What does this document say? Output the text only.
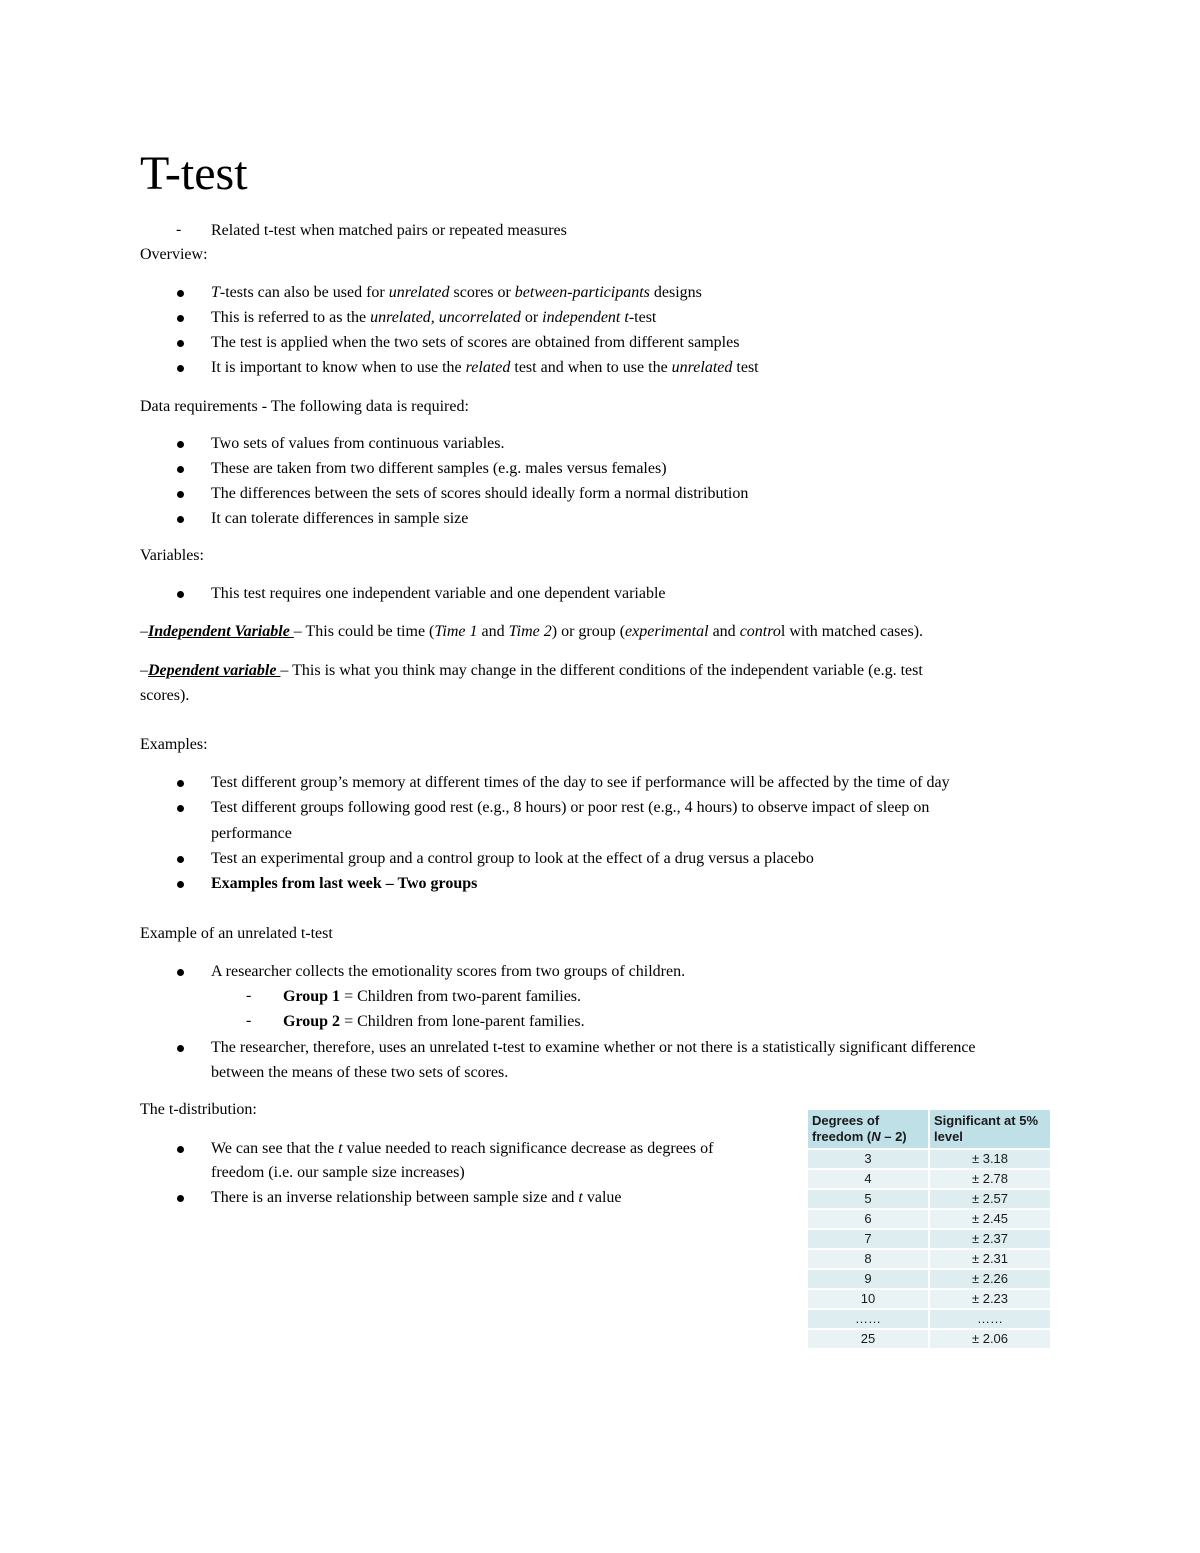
T-test
- Related t-test when matched pairs or repeated measures
Overview:
T-tests can also be used for unrelated scores or between-participants designs
This is referred to as the unrelated, uncorrelated or independent t-test
The test is applied when the two sets of scores are obtained from different samples
It is important to know when to use the related test and when to use the unrelated test
Data requirements - The following data is required:
Two sets of values from continuous variables.
These are taken from two different samples (e.g. males versus females)
The differences between the sets of scores should ideally form a normal distribution
It can tolerate differences in sample size
Variables:
This test requires one independent variable and one dependent variable
–Independent Variable – This could be time (Time 1 and Time 2) or group (experimental and control with matched cases).
–Dependent variable – This is what you think may change in the different conditions of the independent variable (e.g. test
scores).
Examples:
Test different group’s memory at different times of the day to see if performance will be affected by the time of day
Test different groups following good rest (e.g., 8 hours) or poor rest (e.g., 4 hours) to observe impact of sleep on
performance
Test an experimental group and a control group to look at the effect of a drug versus a placebo
Examples from last week – Two groups
Example of an unrelated t-test
A researcher collects the emotionality scores from two groups of children.
- Group 1 = Children from two-parent families.
- Group 2 = Children from lone-parent families.
The researcher, therefore, uses an unrelated t-test to examine whether or not there is a statistically significant difference
between the means of these two sets of scores.
The t-distribution:
We can see that the t value needed to reach significance decrease as degrees of
freedom (i.e. our sample size increases)
There is an inverse relationship between sample size and t value
Degrees of freedom (N – 2)	Significant at 5% level
3	± 3.18
4	± 2.78
5	± 2.57
6	± 2.45
7	± 2.37
8	± 2.31
9	± 2.26
10	± 2.23
……	……
25	± 2.06
